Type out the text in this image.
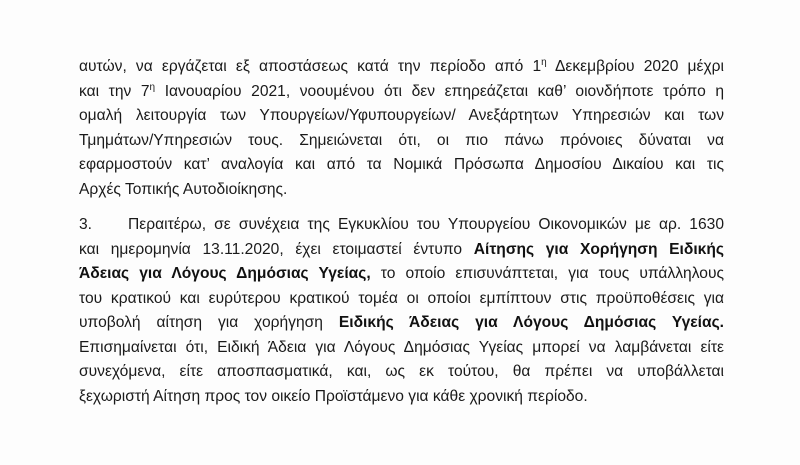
αυτών, να εργάζεται εξ αποστάσεως κατά την περίοδο από $1^\eta$ Δεκεμβρίου 2020 μέχρι
και την $7^\eta$ Ιανουαρίου 2021, νοουμένου ότι δεν επηρεάζεται καθ’ οιονδήποτε τρόπο η
ομαλή λειτουργία των Υπουργείων/Υφυπουργείων/ Ανεξάρτητων Υπηρεσιών και των
Τμημάτων/Υπηρεσιών τους. Σημειώνεται ότι, οι πιο πάνω πρόνοιες δύναται να
εφαρμοστούν κατ’ αναλογία και από τα Νομικά Πρόσωπα Δημοσίου Δικαίου και τις
Αρχές Τοπικής Αυτοδιοίκησης.
3. Περαιτέρω, σε συνέχεια της Εγκυκλίου του Υπουργείου Οικονομικών με αρ. 1630
και ημερομηνία 13.11.2020, έχει ετοιμαστεί έντυπο Αίτησης για Χορήγηση Ειδικής
Άδειας για Λόγους Δημόσιας Υγείας, το οποίο επισυνάπτεται, για τους υπάλληλους
του κρατικού και ευρύτερου κρατικού τομέα οι οποίοι εμπίπτουν στις προϋποθέσεις για
υποβολή αίτηση για χορήγηση Ειδικής Άδειας για Λόγους Δημόσιας Υγείας.
Επισημαίνεται ότι, Ειδική Άδεια για Λόγους Δημόσιας Υγείας μπορεί να λαμβάνεται είτε
συνεχόμενα, είτε αποσπασματικά, και, ως εκ τούτου, θα πρέπει να υποβάλλεται
ξεχωριστή Αίτηση προς τον οικείο Προϊστάμενο για κάθε χρονική περίοδο.
